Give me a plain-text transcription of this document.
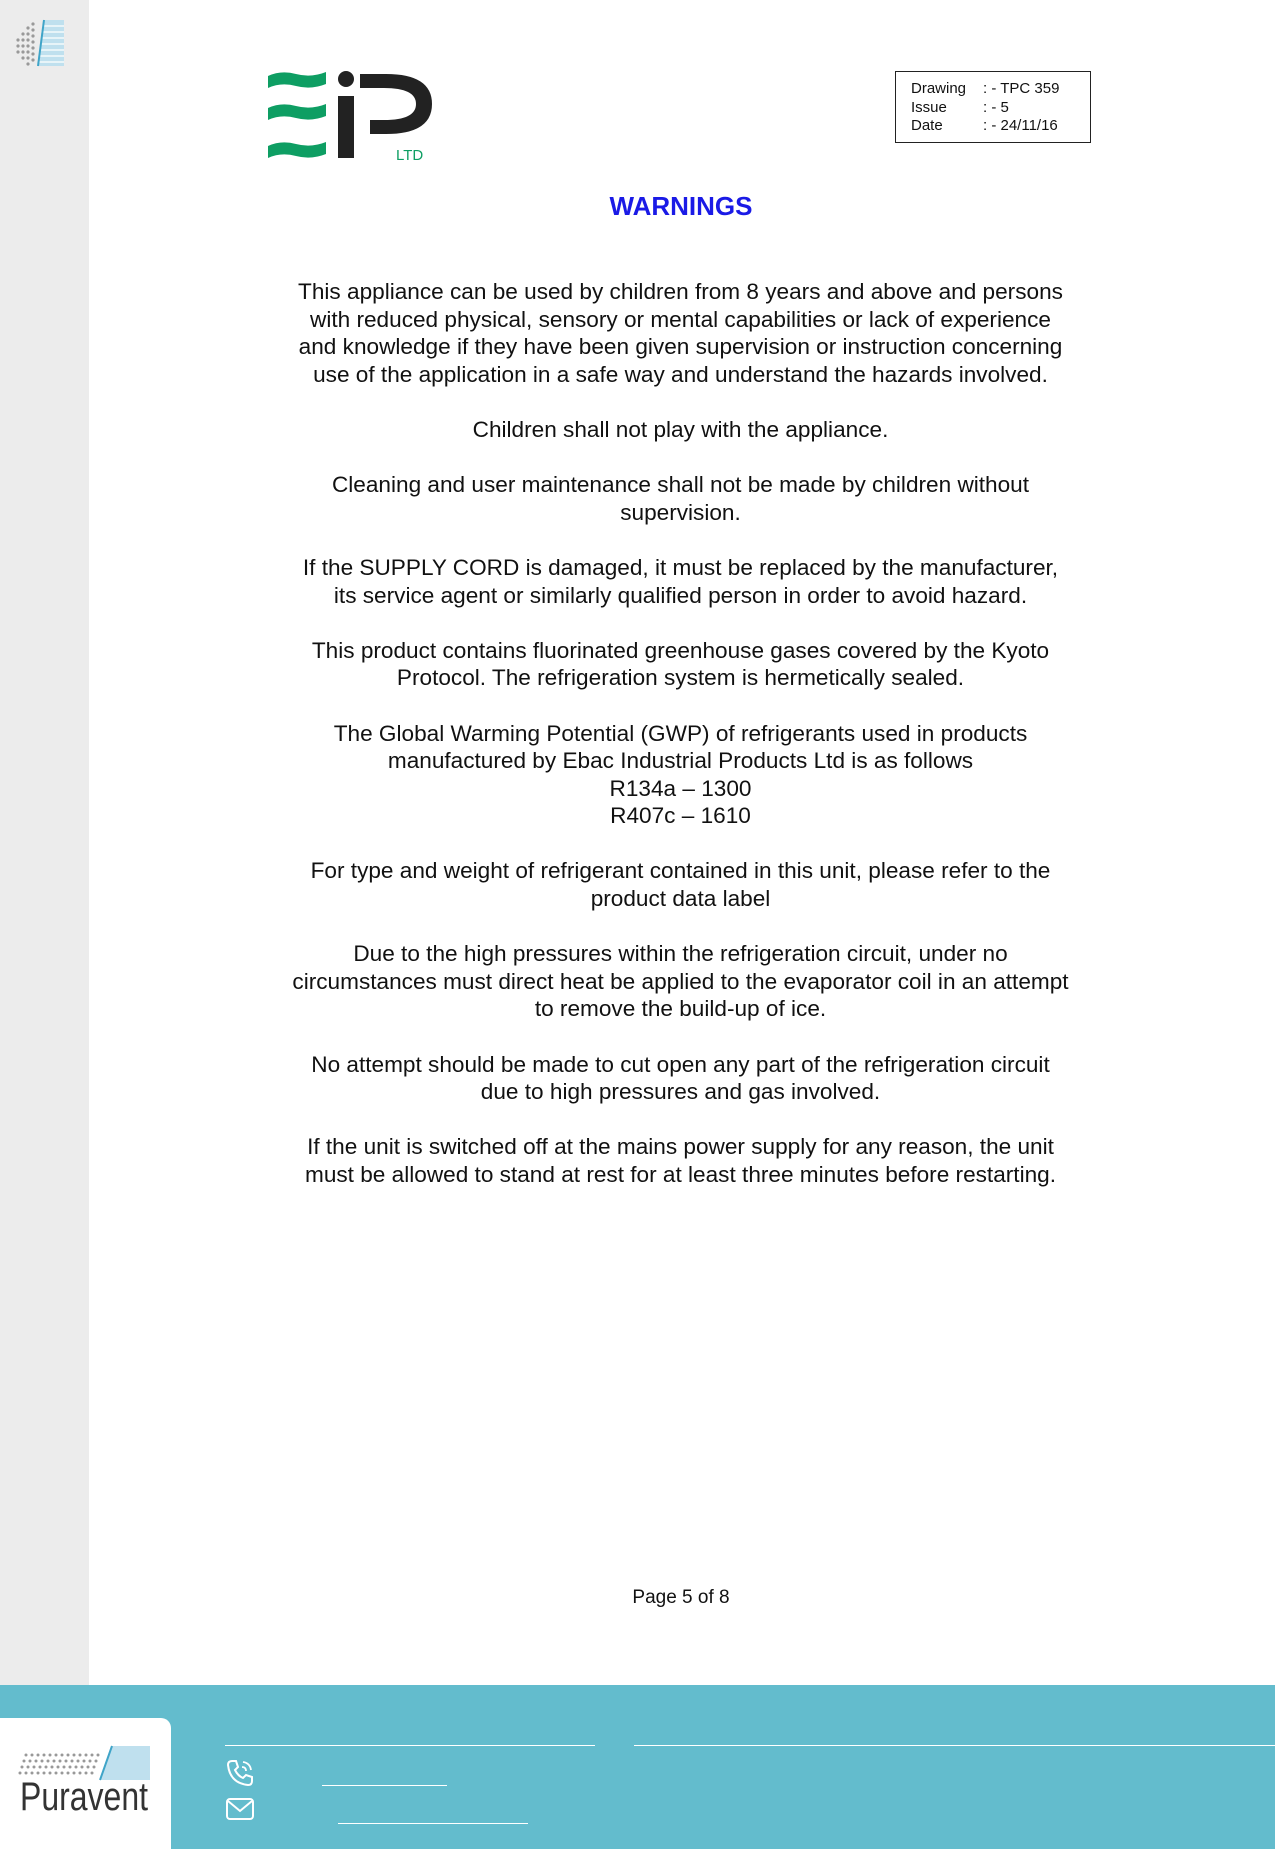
LTD
Drawing	: - TPC 359
Issue	: - 5
Date	: - 24/11/16
WARNINGS

This appliance can be used by children from 8 years and above and persons
with reduced physical, sensory or mental capabilities or lack of experience
and knowledge if they have been given supervision or instruction concerning
use of the application in a safe way and understand the hazards involved.

Children shall not play with the appliance.

Cleaning and user maintenance shall not be made by children without
supervision.

If the SUPPLY CORD is damaged, it must be replaced by the manufacturer,
its service agent or similarly qualified person in order to avoid hazard.

This product contains fluorinated greenhouse gases covered by the Kyoto
Protocol. The refrigeration system is hermetically sealed.

The Global Warming Potential (GWP) of refrigerants used in products
manufactured by Ebac Industrial Products Ltd is as follows
R134a – 1300
R407c – 1610

For type and weight of refrigerant contained in this unit, please refer to the
product data label

Due to the high pressures within the refrigeration circuit, under no
circumstances must direct heat be applied to the evaporator coil in an attempt
to remove the build-up of ice.

No attempt should be made to cut open any part of the refrigeration circuit
due to high pressures and gas involved.

If the unit is switched off at the mains power supply for any reason, the unit
must be allowed to stand at rest for at least three minutes before restarting.

Page 5 of 8
Puravent
